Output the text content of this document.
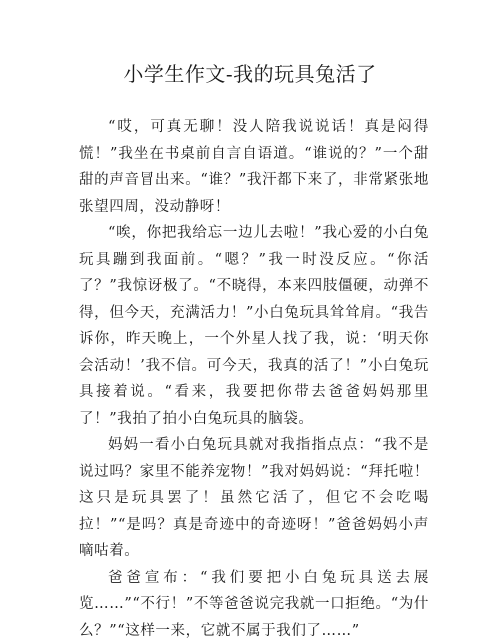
小学生作文-我的玩具兔活了

“哎，可真无聊！没人陪我说说话！真是闷得慌！”我坐在书桌前自言自语道。“谁说的？”一个甜甜的声音冒出来。“谁？”我汗都下来了，非常紧张地张望四周，没动静呀！

“唉，你把我给忘一边儿去啦！”我心爱的小白兔玩具蹦到我面前。“嗯？”我一时没反应。“你活了？”我惊讶极了。“不晓得，本来四肢僵硬，动弹不得，但今天，充满活力！”小白兔玩具耸耸肩。“我告诉你，昨天晚上，一个外星人找了我，说：‘明天你会活动！’我不信。可今天，我真的活了！”小白兔玩具接着说。“看来，我要把你带去爸爸妈妈那里了！”我拍了拍小白兔玩具的脑袋。

妈妈一看小白兔玩具就对我指指点点：“我不是说过吗？家里不能养宠物！”我对妈妈说：“拜托啦！这只是玩具罢了！虽然它活了，但它不会吃喝拉！”“是吗？真是奇迹中的奇迹呀！”爸爸妈妈小声嘀咕着。

爸爸宣布：“我们要把小白兔玩具送去展览……”“不行！”不等爸爸说完我就一口拒绝。“为什么？”“这样一来，它就不属于我们了……”
